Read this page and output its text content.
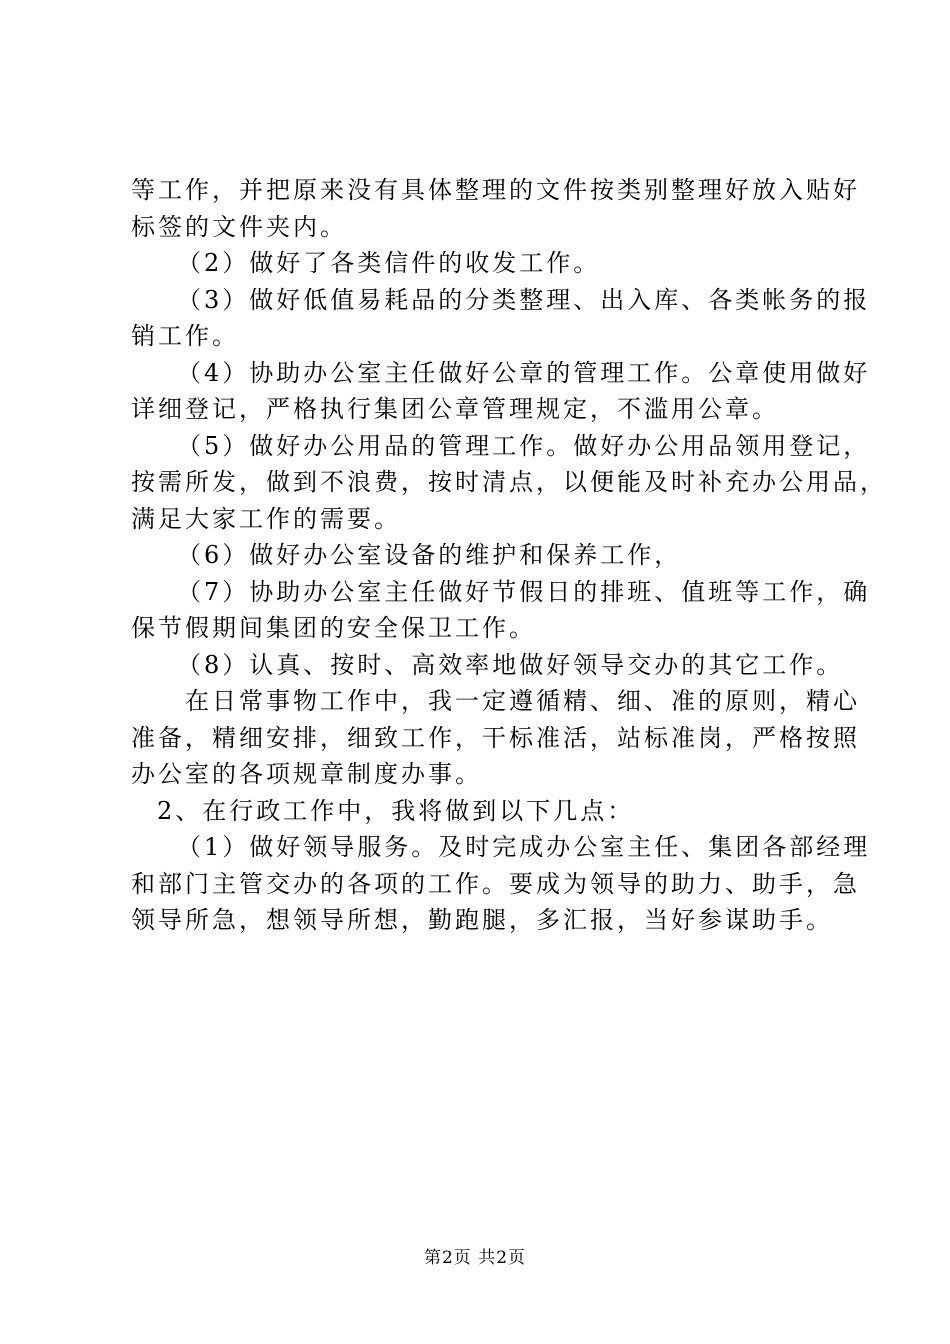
等工作，并把原来没有具体整理的文件按类别整理好放入贴好
标签的文件夹内。
（2）做好了各类信件的收发工作。
（3）做好低值易耗品的分类整理、出入库、各类帐务的报
销工作。
（4）协助办公室主任做好公章的管理工作。公章使用做好
详细登记，严格执行集团公章管理规定，不滥用公章。
（5）做好办公用品的管理工作。做好办公用品领用登记，
按需所发，做到不浪费，按时清点，以便能及时补充办公用品，
满足大家工作的需要。
（6）做好办公室设备的维护和保养工作，
（7）协助办公室主任做好节假日的排班、值班等工作，确
保节假期间集团的安全保卫工作。
（8）认真、按时、高效率地做好领导交办的其它工作。
在日常事物工作中，我一定遵循精、细、准的原则，精心
准备，精细安排，细致工作，干标准活，站标准岗，严格按照
办公室的各项规章制度办事。
2、在行政工作中，我将做到以下几点：
（1）做好领导服务。及时完成办公室主任、集团各部经理
和部门主管交办的各项的工作。要成为领导的助力、助手，急
领导所急，想领导所想，勤跑腿，多汇报，当好参谋助手。
第2页 共2页
